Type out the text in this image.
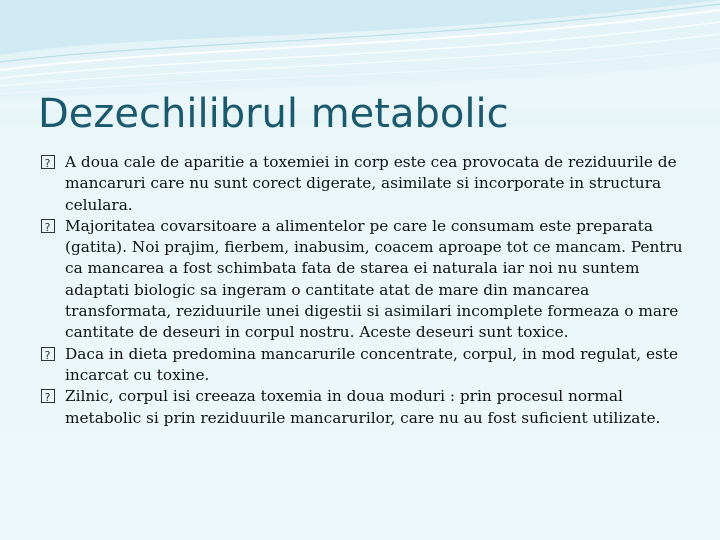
Dezechilibrul metabolic
?
A doua cale de aparitie a toxemiei in corp este cea provocata de reziduurile de mancaruri care nu sunt corect digerate, asimilate si incorporate in structura celulara.
?
Majoritatea covarsitoare a alimentelor pe care le consumam este preparata (gatita). Noi prajim, fierbem, inabusim, coacem aproape tot ce mancam. Pentru ca mancarea a fost schimbata fata de starea ei naturala iar noi nu suntem adaptati biologic sa ingeram o cantitate atat de mare din mancarea transformata, reziduurile unei digestii si asimilari incomplete formeaza o mare cantitate de deseuri in corpul nostru. Aceste deseuri sunt toxice.
?
Daca in dieta predomina mancarurile concentrate, corpul, in mod regulat, este incarcat cu toxine.
?
Zilnic, corpul isi creeaza toxemia in doua moduri : prin procesul normal metabolic si prin reziduurile mancarurilor, care nu au fost suficient utilizate.
